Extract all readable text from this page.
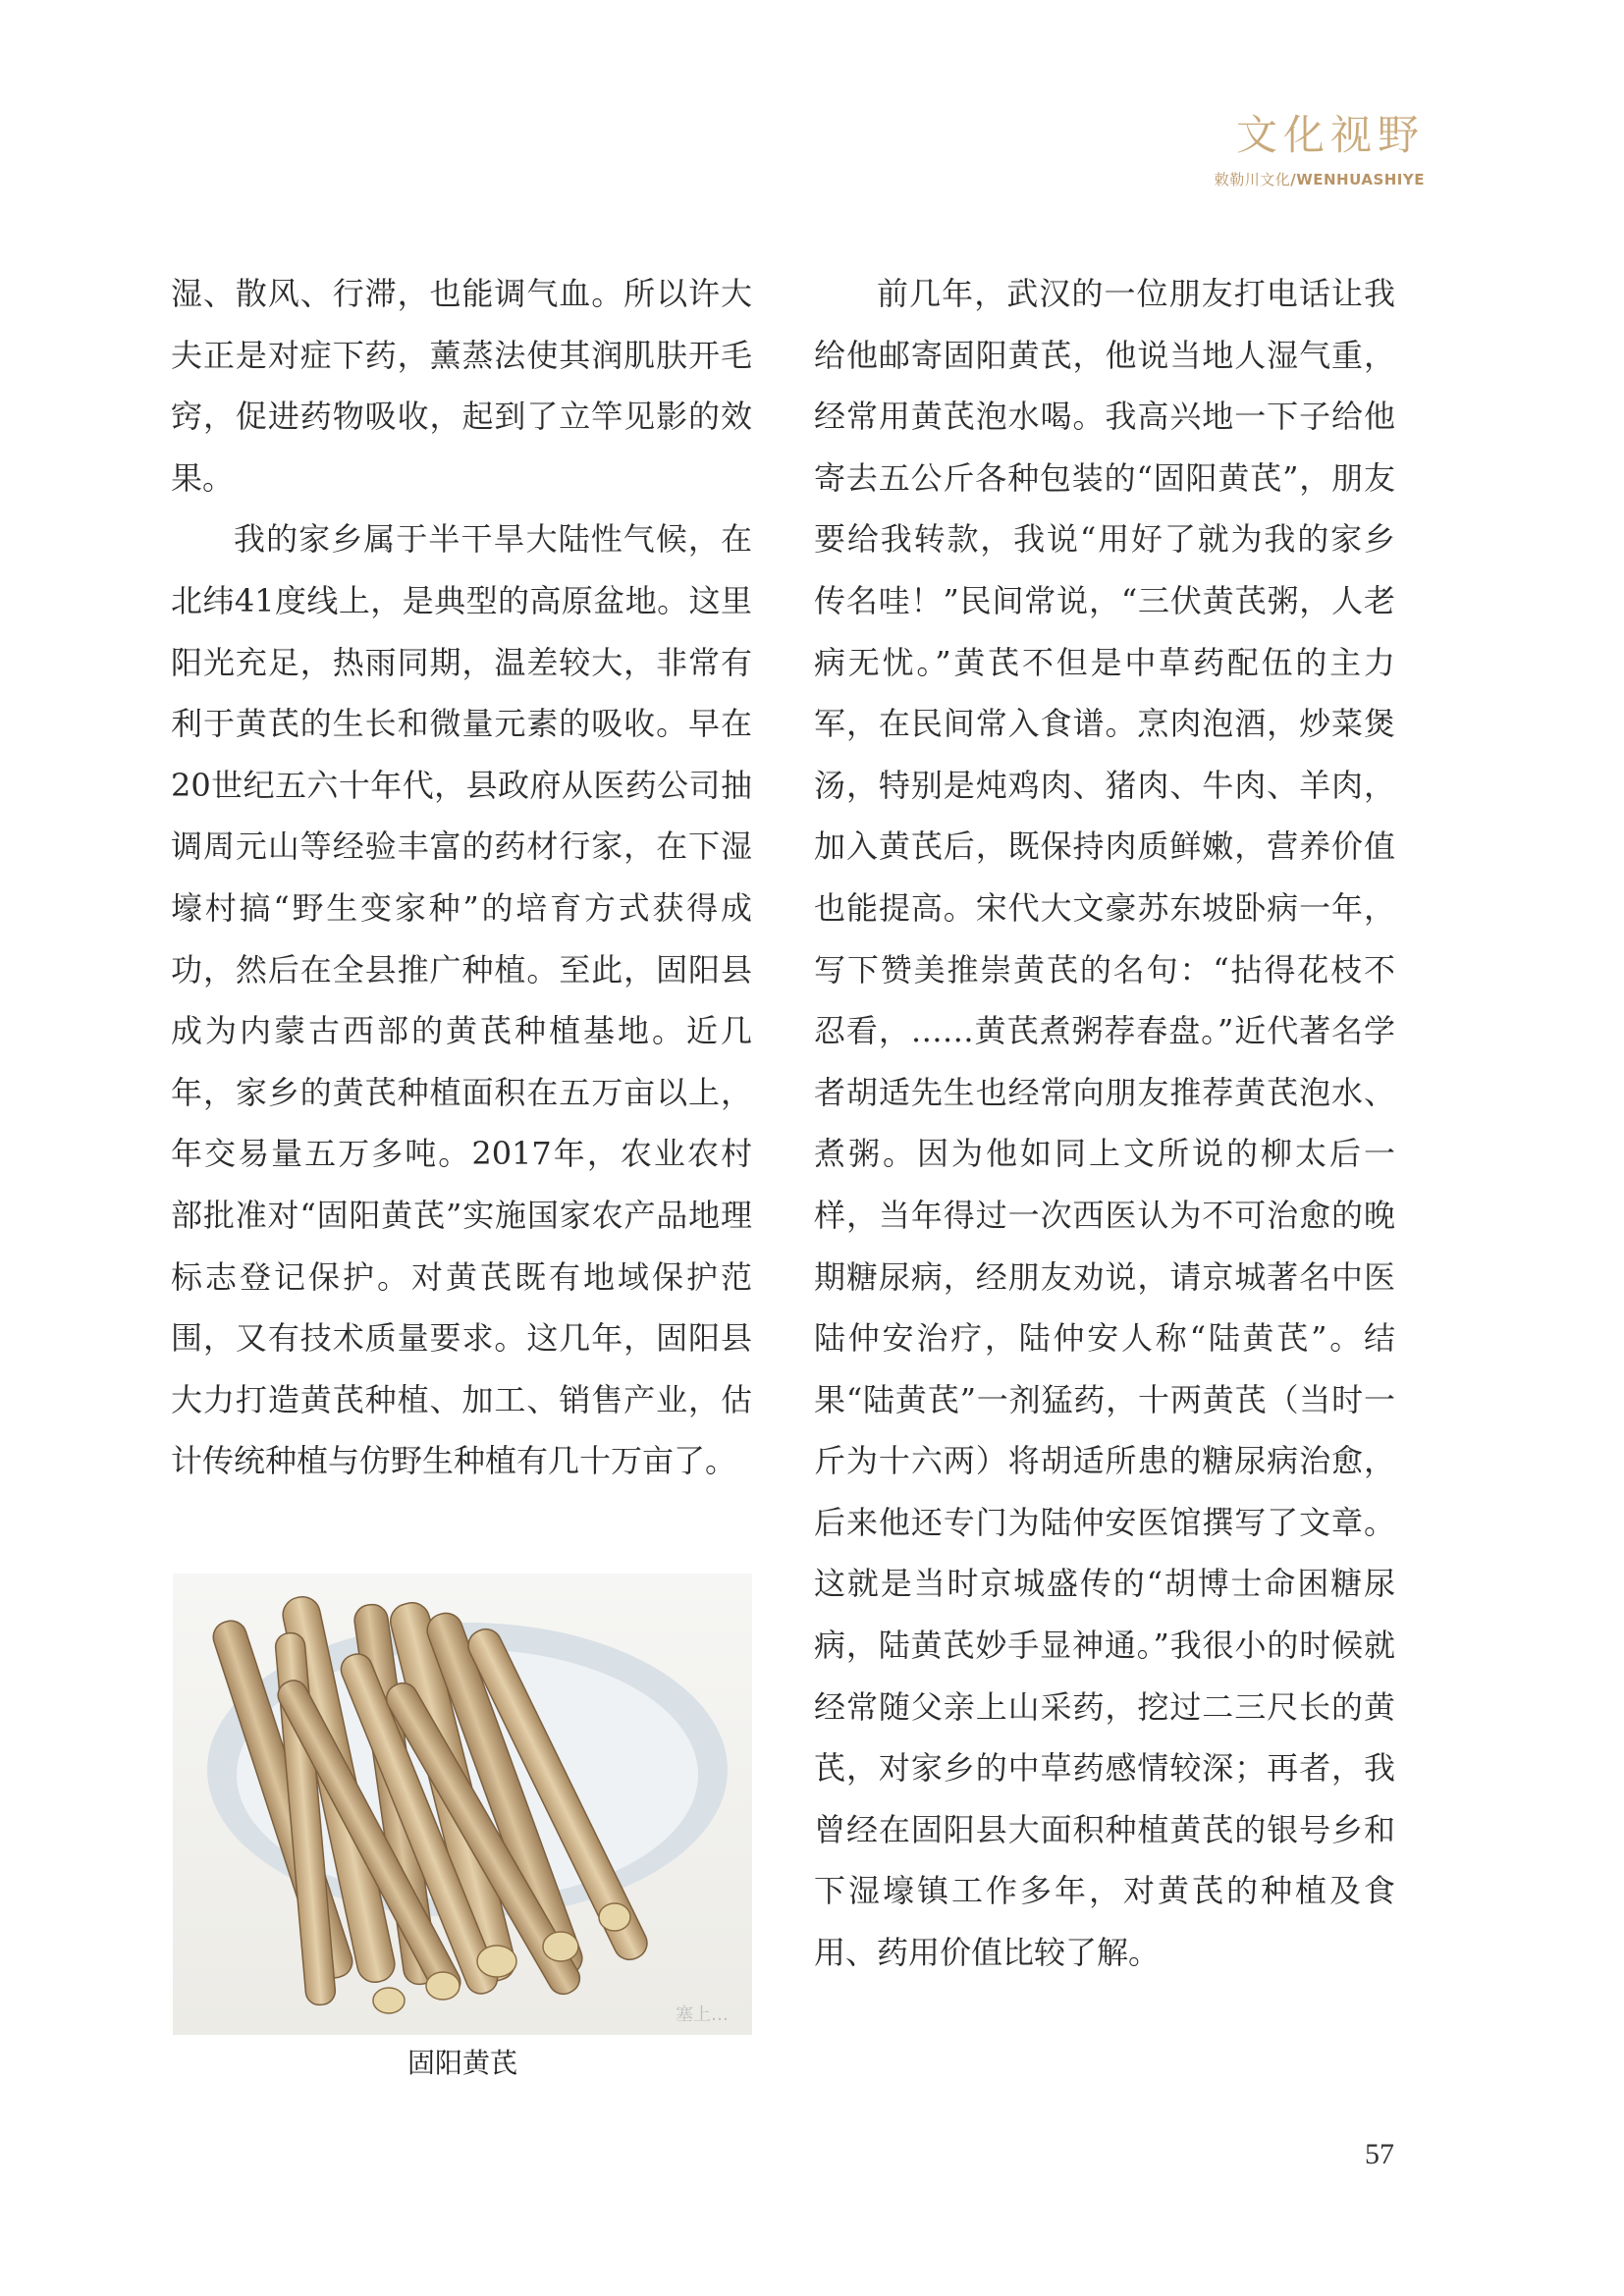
文化视野
敕勒川文化/WENHUASHIYE

湿、散风、行滞，也能调气血。所以许大夫正是对症下药，薰蒸法使其润肌肤开毛窍，促进药物吸收，起到了立竿见影的效果。

我的家乡属于半干旱大陆性气候，在北纬41度线上，是典型的高原盆地。这里阳光充足，热雨同期，温差较大，非常有利于黄芪的生长和微量元素的吸收。早在20世纪五六十年代，县政府从医药公司抽调周元山等经验丰富的药材行家，在下湿壕村搞“野生变家种”的培育方式获得成功，然后在全县推广种植。至此，固阳县成为内蒙古西部的黄芪种植基地。近几年，家乡的黄芪种植面积在五万亩以上，年交易量五万多吨。2017年，农业农村部批准对“固阳黄芪”实施国家农产品地理标志登记保护。对黄芪既有地域保护范围，又有技术质量要求。这几年，固阳县大力打造黄芪种植、加工、销售产业，估计传统种植与仿野生种植有几十万亩了。

塞上…
固阳黄芪

前几年，武汉的一位朋友打电话让我给他邮寄固阳黄芪，他说当地人湿气重，经常用黄芪泡水喝。我高兴地一下子给他寄去五公斤各种包装的“固阳黄芪”，朋友要给我转款，我说“用好了就为我的家乡传名哇！”民间常说，“三伏黄芪粥，人老病无忧。”黄芪不但是中草药配伍的主力军，在民间常入食谱。烹肉泡酒，炒菜煲汤，特别是炖鸡肉、猪肉、牛肉、羊肉，加入黄芪后，既保持肉质鲜嫩，营养价值也能提高。宋代大文豪苏东坡卧病一年，写下赞美推崇黄芪的名句：“拈得花枝不忍看，……黄芪煮粥荐春盘。”近代著名学者胡适先生也经常向朋友推荐黄芪泡水、煮粥。因为他如同上文所说的柳太后一样，当年得过一次西医认为不可治愈的晚期糖尿病，经朋友劝说，请京城著名中医陆仲安治疗，陆仲安人称“陆黄芪”。结果“陆黄芪”一剂猛药，十两黄芪（当时一斤为十六两）将胡适所患的糖尿病治愈，后来他还专门为陆仲安医馆撰写了文章。这就是当时京城盛传的“胡博士命困糖尿病，陆黄芪妙手显神通。”我很小的时候就经常随父亲上山采药，挖过二三尺长的黄芪，对家乡的中草药感情较深；再者，我曾经在固阳县大面积种植黄芪的银号乡和下湿壕镇工作多年，对黄芪的种植及食用、药用价值比较了解。

57
